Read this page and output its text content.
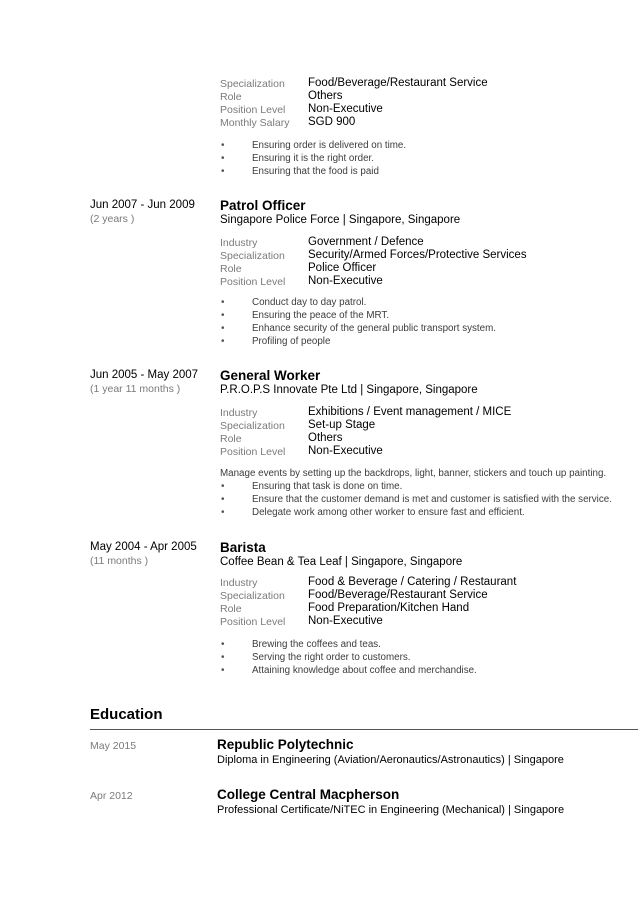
Specialization Food/Beverage/Restaurant Service
Role	Others
Position Level Non-Executive
Monthly Salary SGD 900
•	Ensuring order is delivered on time.
•	Ensuring it is the right order.
•	Ensuring that the food is paid
Jun 2007 - Jun 2009
(2 years )
Patrol Officer
Singapore Police Force | Singapore, Singapore
Industry	Government / Defence
Specialization Security/Armed Forces/Protective Services
Role	Police Officer
Position Level Non-Executive
•	Conduct day to day patrol.
•	Ensuring the peace of the MRT.
•	Enhance security of the general public transport system.
•	Profiling of people
Jun 2005 - May 2007
(1 year 11 months )
General Worker
P.R.O.P.S Innovate Pte Ltd | Singapore, Singapore
Industry	Exhibitions / Event management / MICE
Specialization Set-up Stage
Role	Others
Position Level Non-Executive
Manage events by setting up the backdrops, light, banner, stickers and touch up painting.
•	Ensuring that task is done on time.
•	Ensure that the customer demand is met and customer is satisfied with the service.
•	Delegate work among other worker to ensure fast and efficient.
May 2004 - Apr 2005
(11 months )
Barista
Coffee Bean & Tea Leaf | Singapore, Singapore
Industry	Food & Beverage / Catering / Restaurant
Specialization Food/Beverage/Restaurant Service
Role	Food Preparation/Kitchen Hand
Position Level Non-Executive
•	Brewing the coffees and teas.
•	Serving the right order to customers.
•	Attaining knowledge about coffee and merchandise.
Education
May 2015	Republic Polytechnic
Diploma in Engineering (Aviation/Aeronautics/Astronautics) | Singapore
Apr 2012	College Central Macpherson
Professional Certificate/NiTEC in Engineering (Mechanical) | Singapore
